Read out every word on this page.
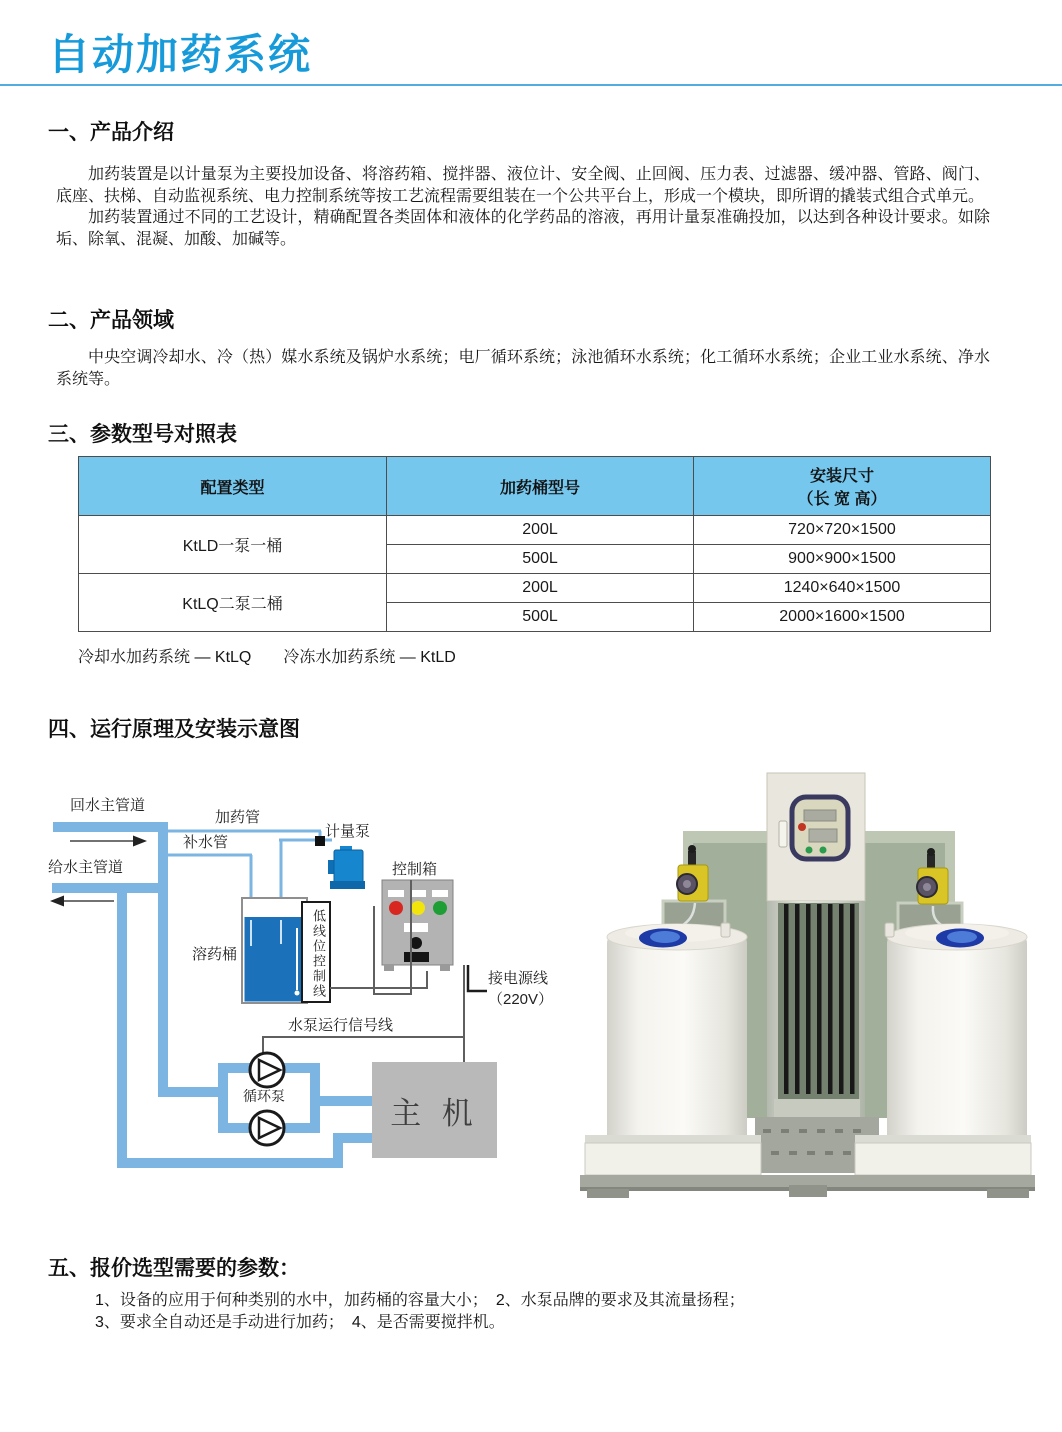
自动加药系统
一、产品介绍

加药装置是以计量泵为主要投加设备、将溶药箱、搅拌器、液位计、安全阀、止回阀、压力表、过滤器、缓冲器、管路、阀门、底座、扶梯、自动监视系统、电力控制系统等按工艺流程需要组装在一个公共平台上，形成一个模块，即所谓的撬装式组合式单元。

加药装置通过不同的工艺设计，精确配置各类固体和液体的化学药品的溶液，再用计量泵准确投加，以达到各种设计要求。如除垢、除氧、混凝、加酸、加碱等。

二、产品领域

中央空调冷却水、冷（热）媒水系统及锅炉水系统；电厂循环系统；泳池循环水系统；化工循环水系统；企业工业水系统、净水系统等。

三、参数型号对照表
配置类型	加药桶型号	安装尺寸
（长 宽 高）

KtLD一泵一桶	200L	720×720×1500
	500L	900×900×1500
KtLQ二泵二桶	200L	1240×640×1500
	500L	2000×1600×1500
冷却水加药系统 — KtLQ　　冷冻水加药系统 — KtLD
四、运行原理及安装示意图
回水主管道
给水主管道
加药管
补水管
计量泵
控制箱
溶药桶	低线位控制线
水泵运行信号线
接电源线
（220V）
循环泵	主 机
五、报价选型需要的参数：

1、设备的应用于何种类别的水中，加药桶的容量大小；　2、水泵品牌的要求及其流量扬程；

3、要求全自动还是手动进行加药；　4、是否需要搅拌机。
